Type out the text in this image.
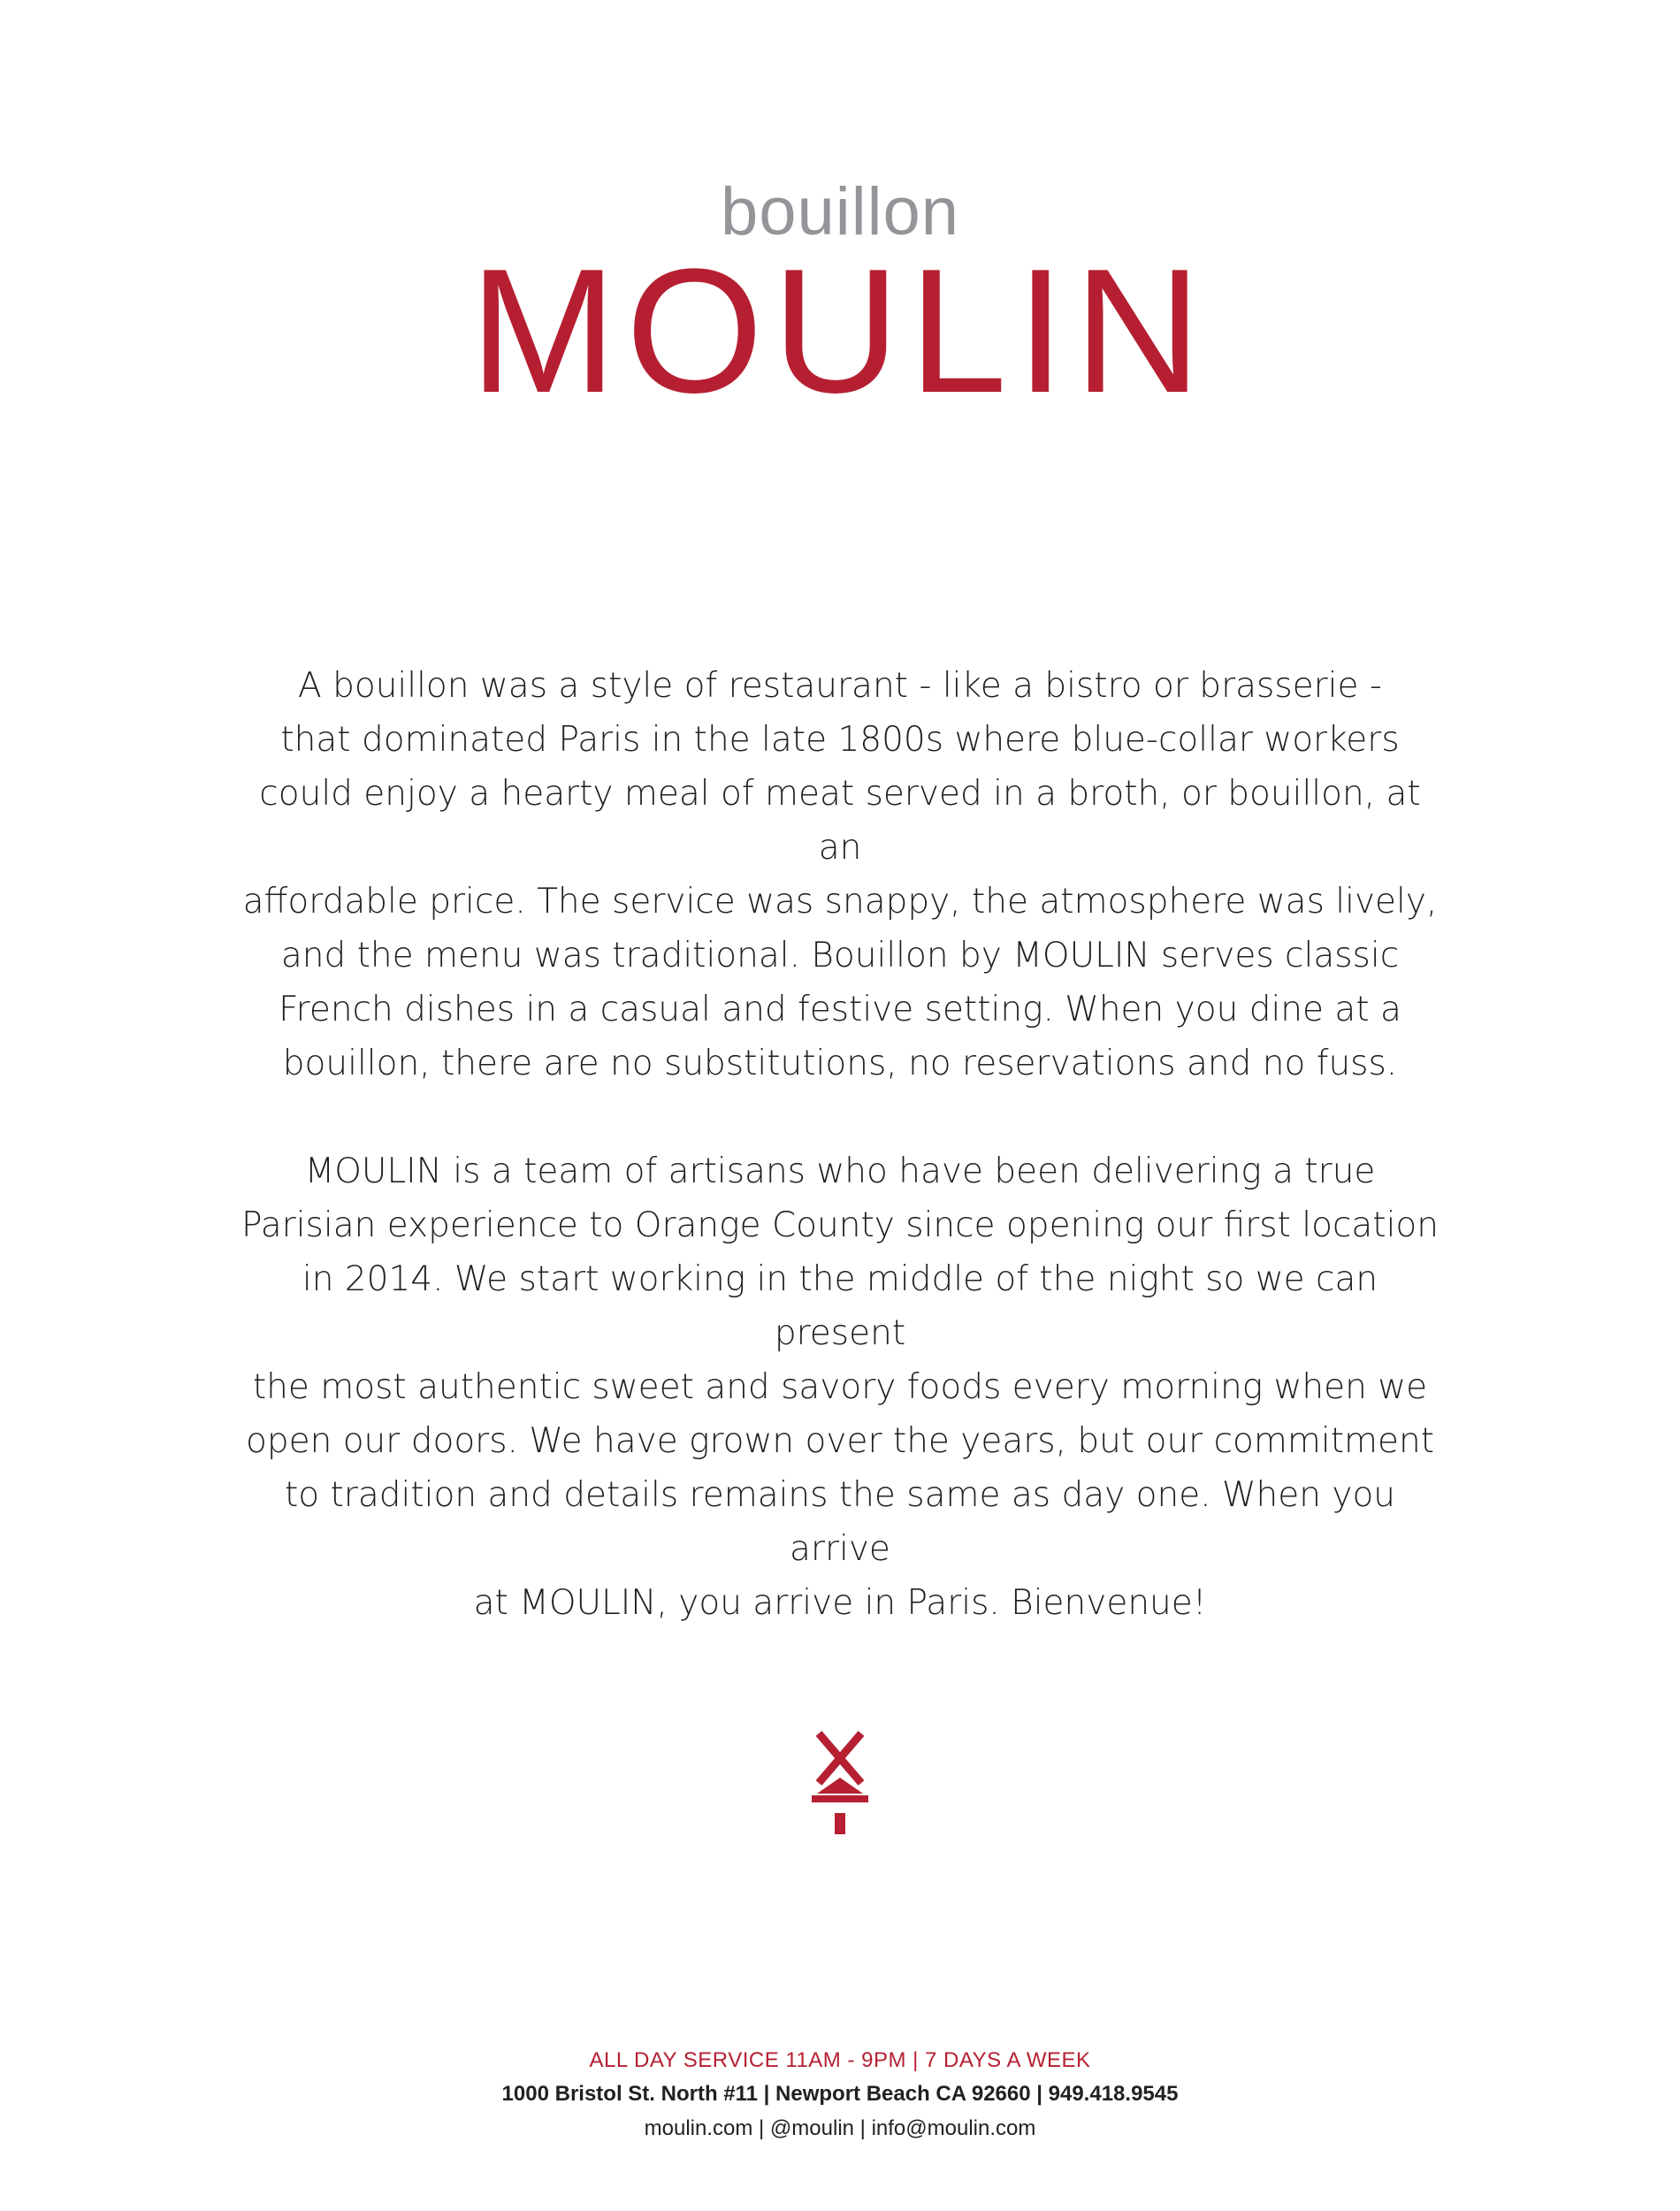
bouillon
MOULIN

A bouillon was a style of restaurant - like a bistro or brasserie -
that dominated Paris in the late 1800s where blue-collar workers
could enjoy a hearty meal of meat served in a broth, or bouillon, at an
affordable price. The service was snappy, the atmosphere was lively,
and the menu was traditional. Bouillon by MOULIN serves classic
French dishes in a casual and festive setting. When you dine at a
bouillon, there are no substitutions, no reservations and no fuss.

MOULIN is a team of artisans who have been delivering a true
Parisian experience to Orange County since opening our first location
in 2014. We start working in the middle of the night so we can present
the most authentic sweet and savory foods every morning when we
open our doors. We have grown over the years, but our commitment
to tradition and details remains the same as day one. When you arrive
at MOULIN, you arrive in Paris. Bienvenue!

ALL DAY SERVICE 11AM - 9PM | 7 DAYS A WEEK
1000 Bristol St. North #11 | Newport Beach CA 92660 | 949.418.9545
moulin.com | @moulin | info@moulin.com
